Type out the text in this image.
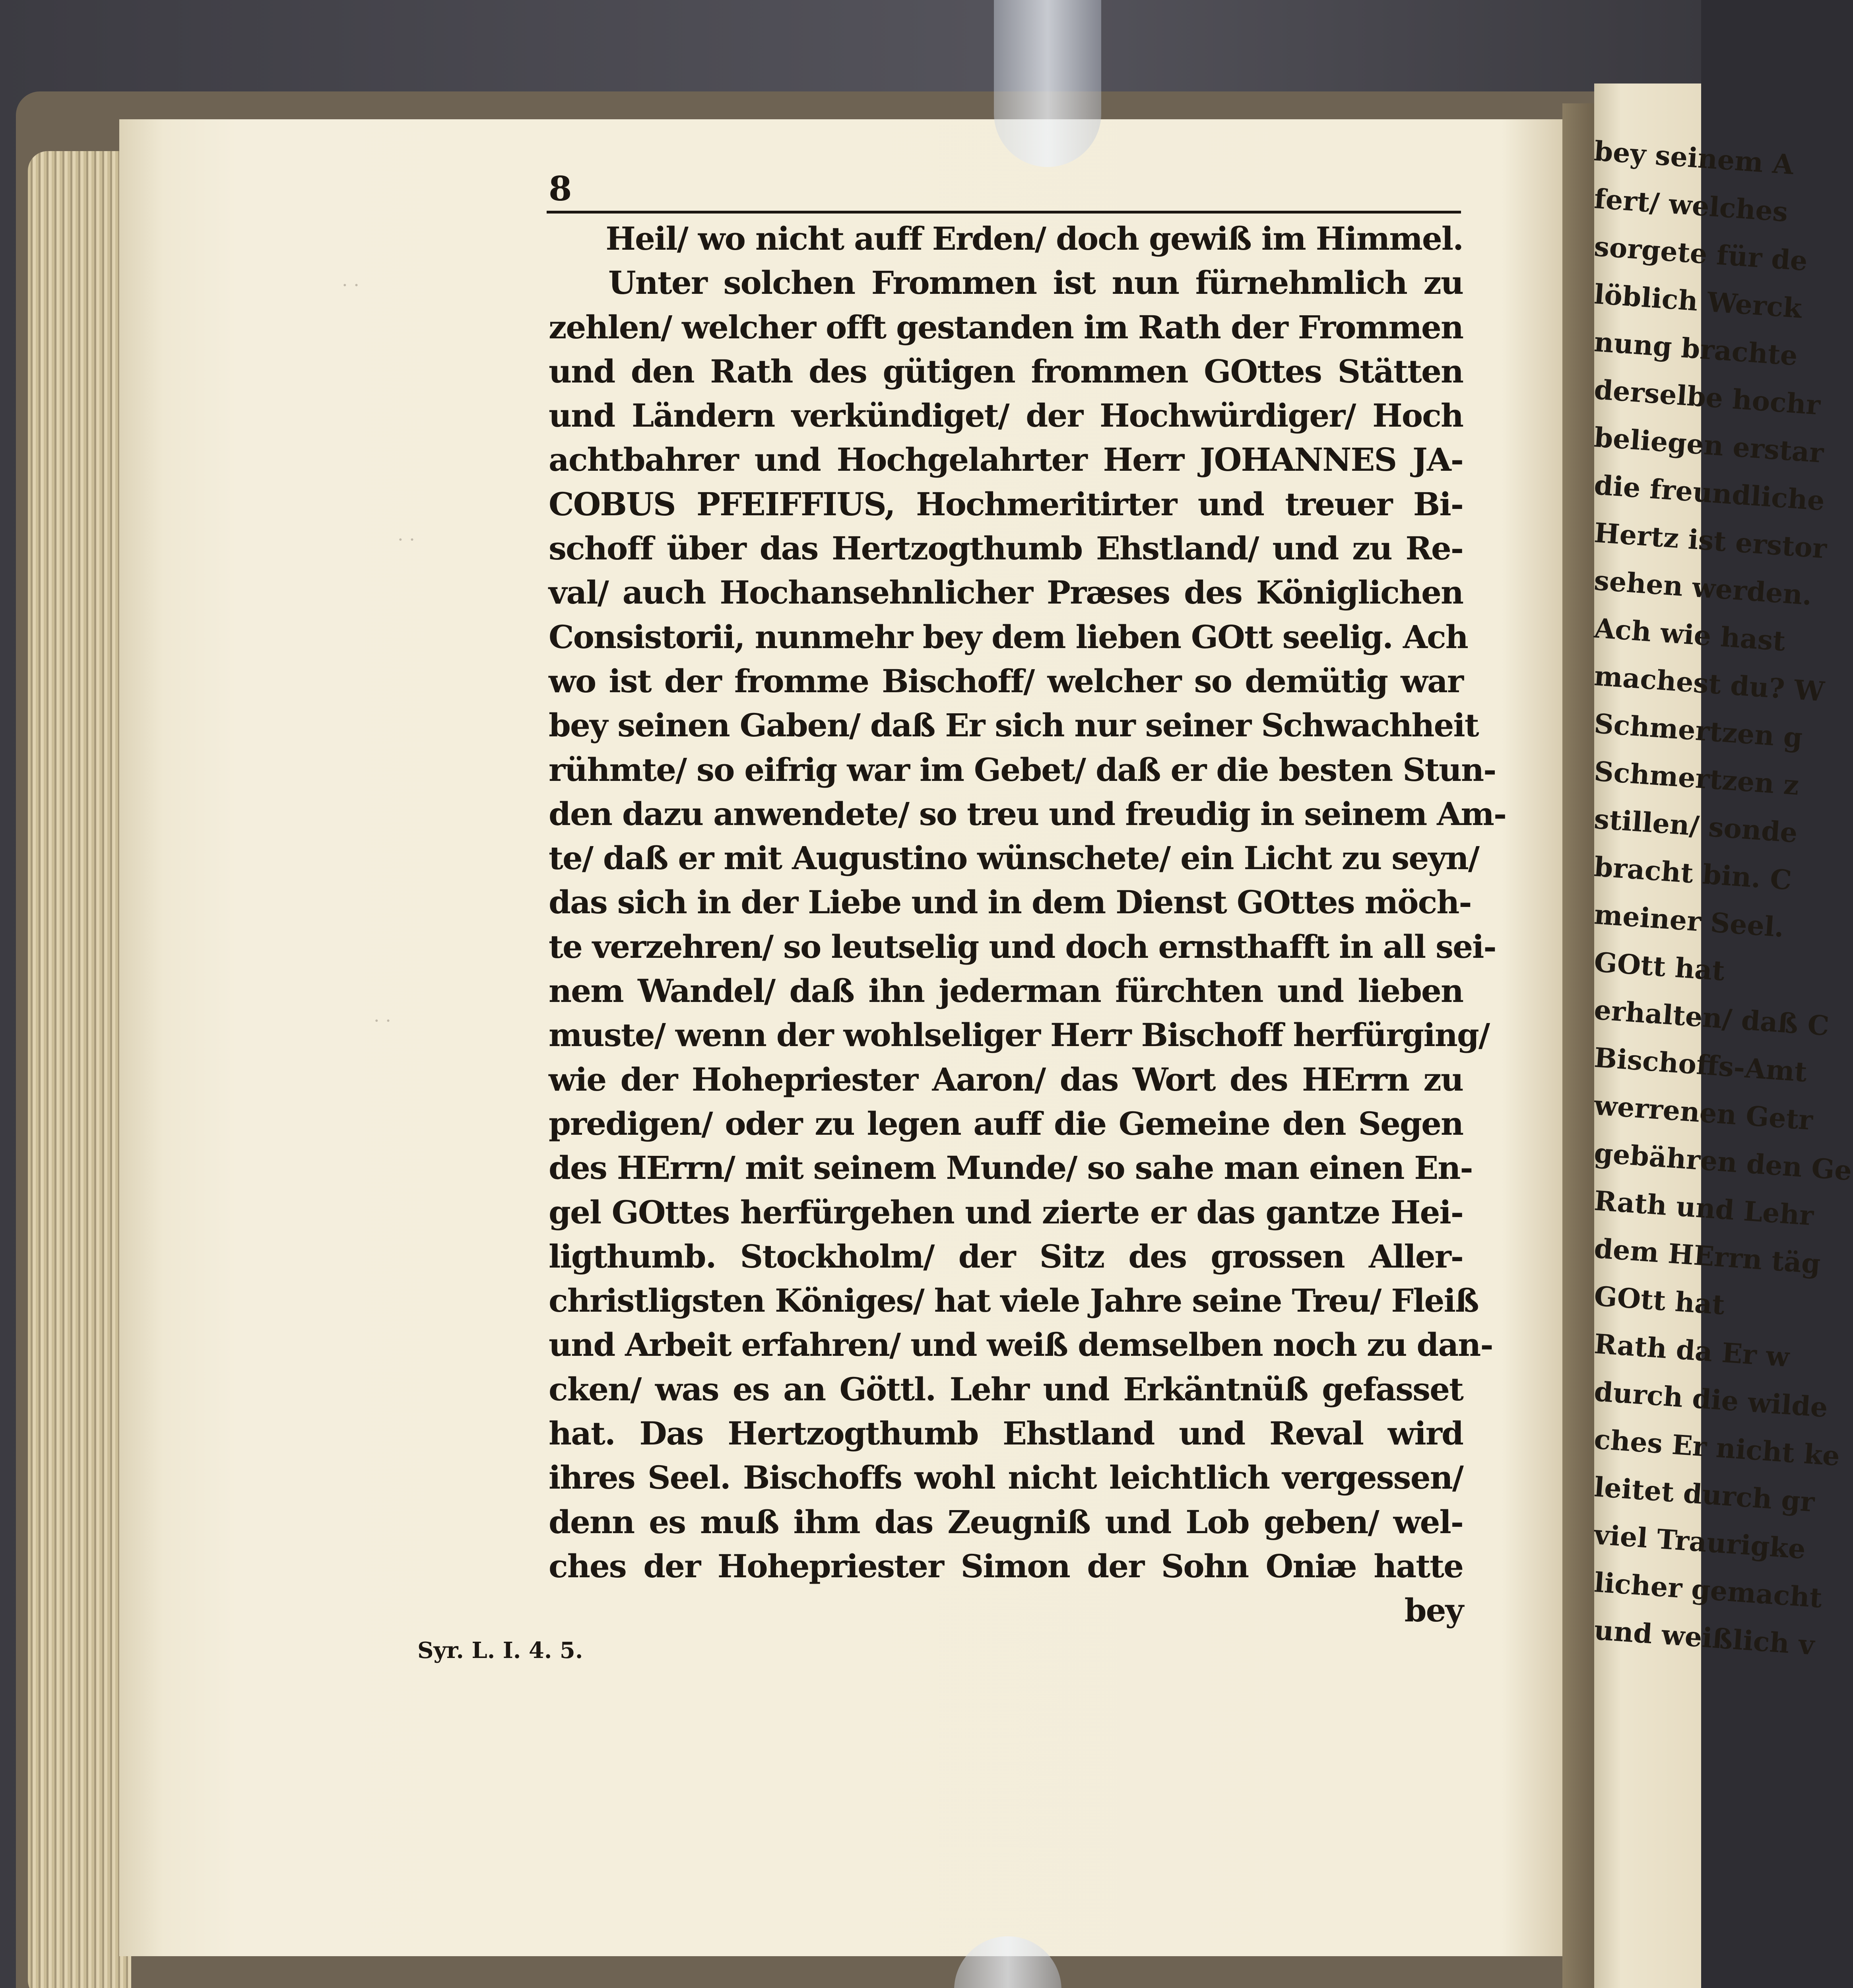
· ·
· ·
· ·
8
Heil/ wo nicht auff Erden/ doch gewiß im Himmel.
Unter solchen Frommen ist nun fürnehmlich zu
zehlen/ welcher offt gestanden im Rath der Frommen
und den Rath des gütigen frommen GOttes Stätten
und Ländern verkündiget/ der Hochwürdiger/ Hoch
achtbahrer und Hochgelahrter Herr JOHANNES JA-
COBUS PFEIFFIUS, Hochmeritirter und treuer Bi-
schoff über das Hertzogthumb Ehstland/ und zu Re-
val/ auch Hochansehnlicher Præses des Königlichen
Consistorii, nunmehr bey dem lieben GOtt seelig. Ach
wo ist der fromme Bischoff/ welcher so demütig war
bey seinen Gaben/ daß Er sich nur seiner Schwachheit
rühmte/ so eifrig war im Gebet/ daß er die besten Stun-
den dazu anwendete/ so treu und freudig in seinem Am-
te/ daß er mit Augustino wünschete/ ein Licht zu seyn/
das sich in der Liebe und in dem Dienst GOttes möch-
te verzehren/ so leutselig und doch ernsthafft in all sei-
nem Wandel/ daß ihn jederman fürchten und lieben
muste/ wenn der wohlseliger Herr Bischoff herfürging/
wie der Hohepriester Aaron/ das Wort des HErrn zu
predigen/ oder zu legen auff die Gemeine den Segen
des HErrn/ mit seinem Munde/ so sahe man einen En-
gel GOttes herfürgehen und zierte er das gantze Hei-
ligthumb. Stockholm/ der Sitz des grossen Aller-
christligsten Königes/ hat viele Jahre seine Treu/ Fleiß
und Arbeit erfahren/ und weiß demselben noch zu dan-
cken/ was es an Göttl. Lehr und Erkäntnüß gefasset
hat. Das Hertzogthumb Ehstland und Reval wird
ihres Seel. Bischoffs wohl nicht leichtlich vergessen/
denn es muß ihm das Zeugniß und Lob geben/ wel-
ches der Hohepriester Simon der Sohn Oniæ hatte
bey
Syr. L. I. 4. 5.
bey seinem A
fert/ welches
sorgete für de
löblich Werck
nung brachte
derselbe hochr
beliegen erstar
die freundliche
Hertz ist erstor
sehen werden.
Ach wie hast
machest du? W
Schmertzen g
Schmertzen z
stillen/ sonde
bracht bin. C
meiner Seel.
GOtt hat
erhalten/ daß C
Bischoffs-Amt
werrenen Getr
gebähren den Ge
Rath und Lehr
dem HErrn täg
GOtt hat
Rath da Er w
durch die wilde
ches Er nicht ke
leitet durch gr
viel Traurigke
licher gemacht
und weißlich v
